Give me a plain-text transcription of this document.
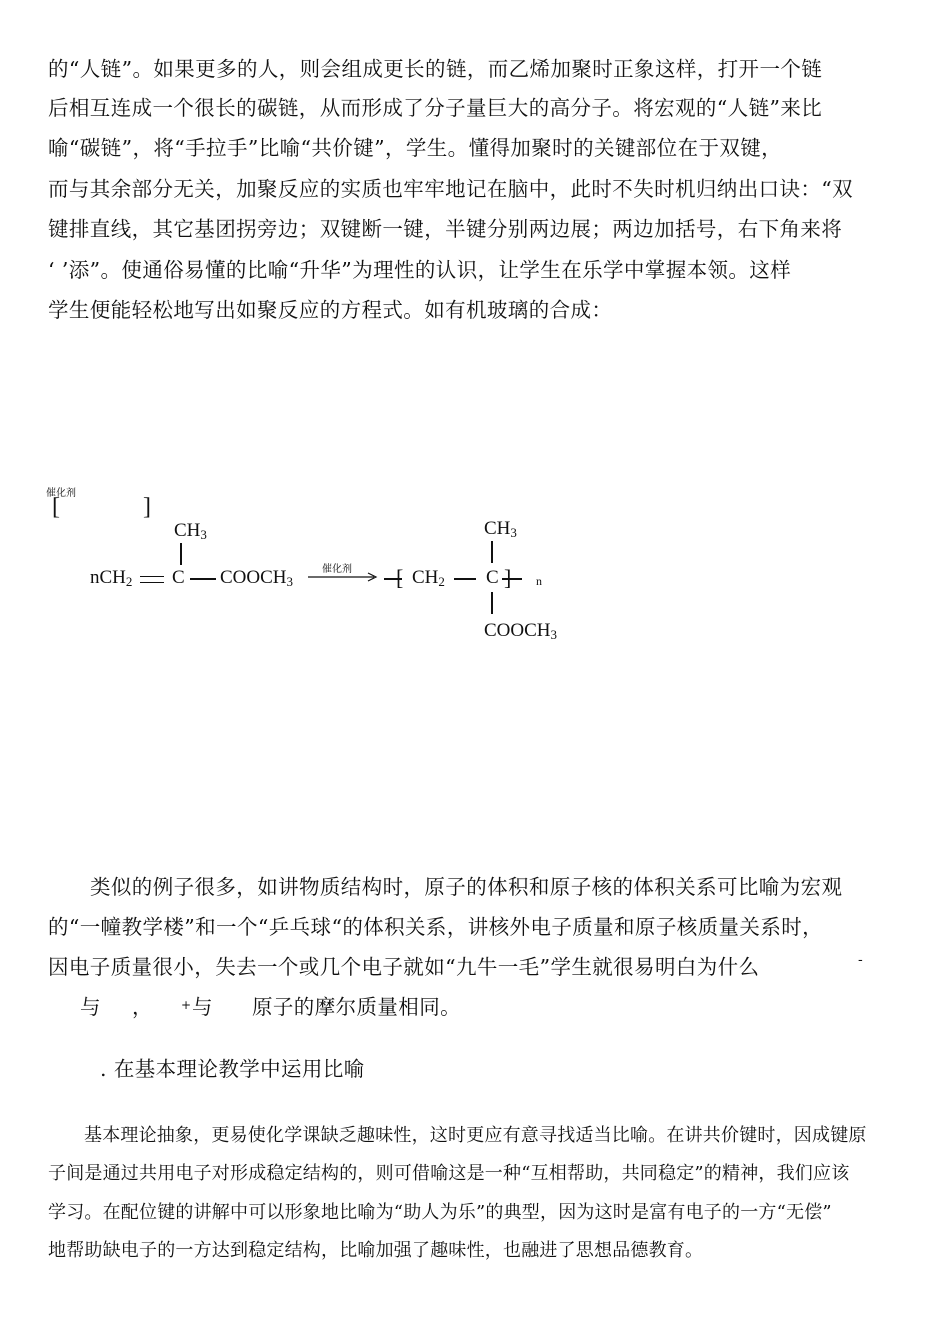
的“人链”。如果更多的人，则会组成更长的链，而乙烯加聚时正象这样，打开一个链
后相互连成一个很长的碳链，从而形成了分子量巨大的高分子。将宏观的“人链”来比
喻“碳链”，将“手拉手”比喻“共价键”，学生。懂得加聚时的关键部位在于双键，
而与其余部分无关，加聚反应的实质也牢牢地记在脑中，此时不失时机归纳出口诀：“双
键排直线，其它基团拐旁边；双键断一键，半键分别两边展；两边加括号，右下角来将
‘ ’添”。使通俗易懂的比喻“升华”为理性的认识，让学生在乐学中掌握本领。这样
学生便能轻松地写出如聚反应的方程式。如有机玻璃的合成：
催化剂
[	]
$CH_3$
nCH$_2$ C $COOCH_3$
催化剂 [ $CH_2$ C	n
$CH_3$
$COOCH_3$
类似的例子很多，如讲物质结构时，原子的体积和原子核的体积关系可比喻为宏观
的“一幢教学楼”和一个“乒乓球“的体积关系，讲核外电子质量和原子核质量关系时，
因电子质量很小，失去一个或几个电子就如“九牛一毛”学生就很易明白为什么	-
与 ， + 与 原子的摩尔质量相同。
. 在基本理论教学中运用比喻
基本理论抽象，更易使化学课缺乏趣味性，这时更应有意寻找适当比喻。在讲共价键时，因成键原
子间是通过共用电子对形成稳定结构的，则可借喻这是一种“互相帮助，共同稳定”的精神，我们应该
学习。在配位键的讲解中可以形象地比喻为“助人为乐”的典型，因为这时是富有电子的一方“无偿”
地帮助缺电子的一方达到稳定结构，比喻加强了趣味性，也融进了思想品德教育。
